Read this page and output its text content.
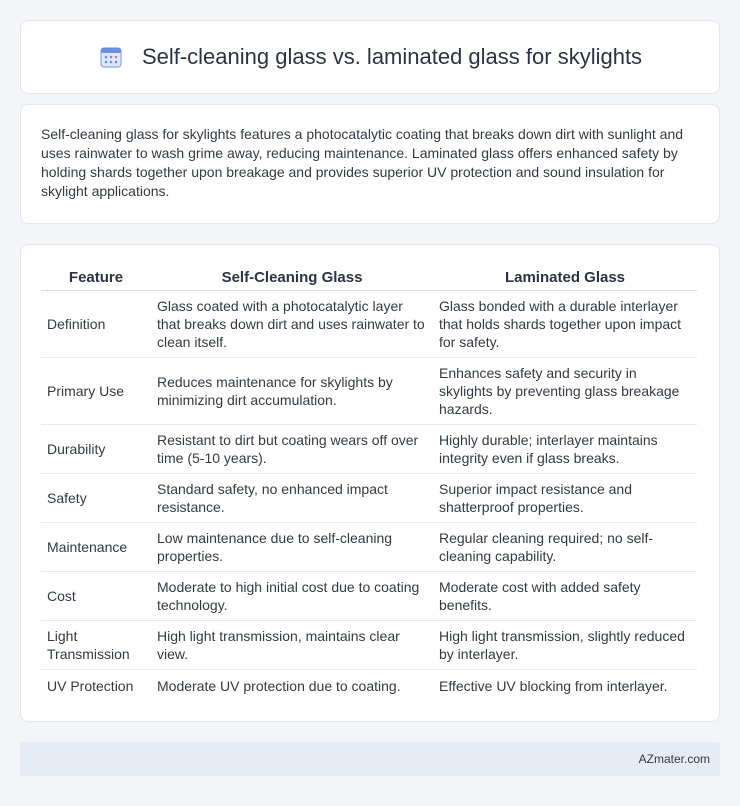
Self-cleaning glass vs. laminated glass for skylights

Self-cleaning glass for skylights features a photocatalytic coating that breaks down dirt with sunlight and uses rainwater to wash grime away, reducing maintenance. Laminated glass offers enhanced safety by holding shards together upon breakage and provides superior UV protection and sound insulation for skylight applications.

Feature	Self-Cleaning Glass	Laminated Glass
Definition	Glass coated with a photocatalytic layer that breaks down dirt and uses rainwater to clean itself.	Glass bonded with a durable interlayer that holds shards together upon impact for safety.
Primary Use	Reduces maintenance for skylights by minimizing dirt accumulation.	Enhances safety and security in skylights by preventing glass breakage hazards.
Durability	Resistant to dirt but coating wears off over time (5-10 years).	Highly durable; interlayer maintains integrity even if glass breaks.
Safety	Standard safety, no enhanced impact resistance.	Superior impact resistance and shatterproof properties.
Maintenance	Low maintenance due to self-cleaning properties.	Regular cleaning required; no self-cleaning capability.
Cost	Moderate to high initial cost due to coating technology.	Moderate cost with added safety benefits.
Light Transmission	High light transmission, maintains clear view.	High light transmission, slightly reduced by interlayer.
UV Protection	Moderate UV protection due to coating.	Effective UV blocking from interlayer.
AZmater.com
